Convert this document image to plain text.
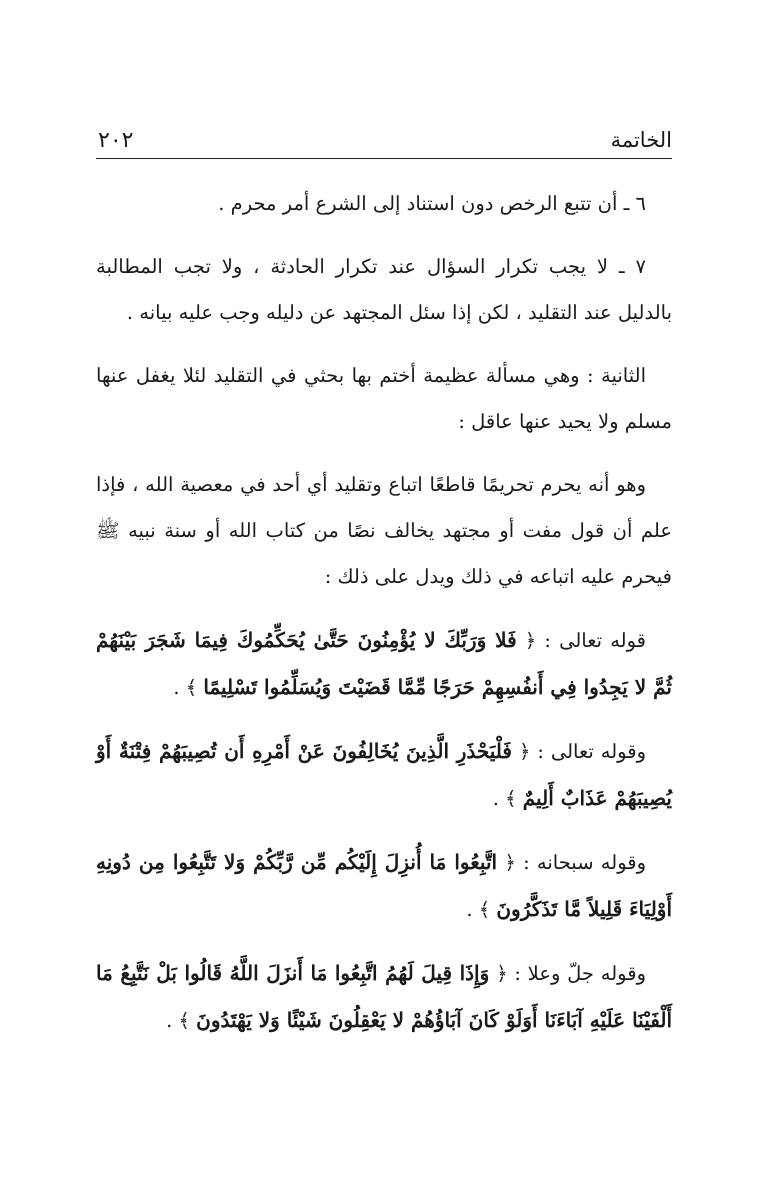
الخاتمة
٢٠٢

٦ ـ أن تتبع الرخص دون استناد إلى الشرع أمر محرم .

٧ ـ لا يجب تكرار السؤال عند تكرار الحادثة ، ولا تجب المطالبة بالدليل عند التقليد ، لكن إذا سئل المجتهد عن دليله وجب عليه بيانه .

الثانية : وهي مسألة عظيمة أختم بها بحثي في التقليد لئلا يغفل عنها مسلم ولا يحيد عنها عاقل :

وهو أنه يحرم تحريمًا قاطعًا اتباع وتقليد أي أحد في معصية الله ، فإذا علم أن قول مفت أو مجتهد يخالف نصًا من كتاب الله أو سنة نبيه ﷺ فيحرم عليه اتباعه في ذلك ويدل على ذلك :

قوله تعالى : ﴿ فَلا وَرَبِّكَ لا يُؤْمِنُونَ حَتَّىٰ يُحَكِّمُوكَ فِيمَا شَجَرَ بَيْنَهُمْ ثُمَّ لا يَجِدُوا فِي أَنفُسِهِمْ حَرَجًا مِّمَّا قَضَيْتَ وَيُسَلِّمُوا تَسْلِيمًا ﴾ .

وقوله تعالى : ﴿ فَلْيَحْذَرِ الَّذِينَ يُخَالِفُونَ عَنْ أَمْرِهِ أَن تُصِيبَهُمْ فِتْنَةٌ أَوْ يُصِيبَهُمْ عَذَابٌ أَلِيمٌ ﴾ .

وقوله سبحانه : ﴿ اتَّبِعُوا مَا أُنزِلَ إِلَيْكُم مِّن رَّبِّكُمْ وَلا تَتَّبِعُوا مِن دُونِهِ أَوْلِيَاءَ قَلِيلاً مَّا تَذَكَّرُونَ ﴾ .

وقوله جلّ وعلا : ﴿ وَإِذَا قِيلَ لَهُمُ اتَّبِعُوا مَا أَنزَلَ اللَّهُ قَالُوا بَلْ نَتَّبِعُ مَا أَلْفَيْنَا عَلَيْهِ آبَاءَنَا أَوَلَوْ كَانَ آبَاؤُهُمْ لا يَعْقِلُونَ شَيْئًا وَلا يَهْتَدُونَ ﴾ .
